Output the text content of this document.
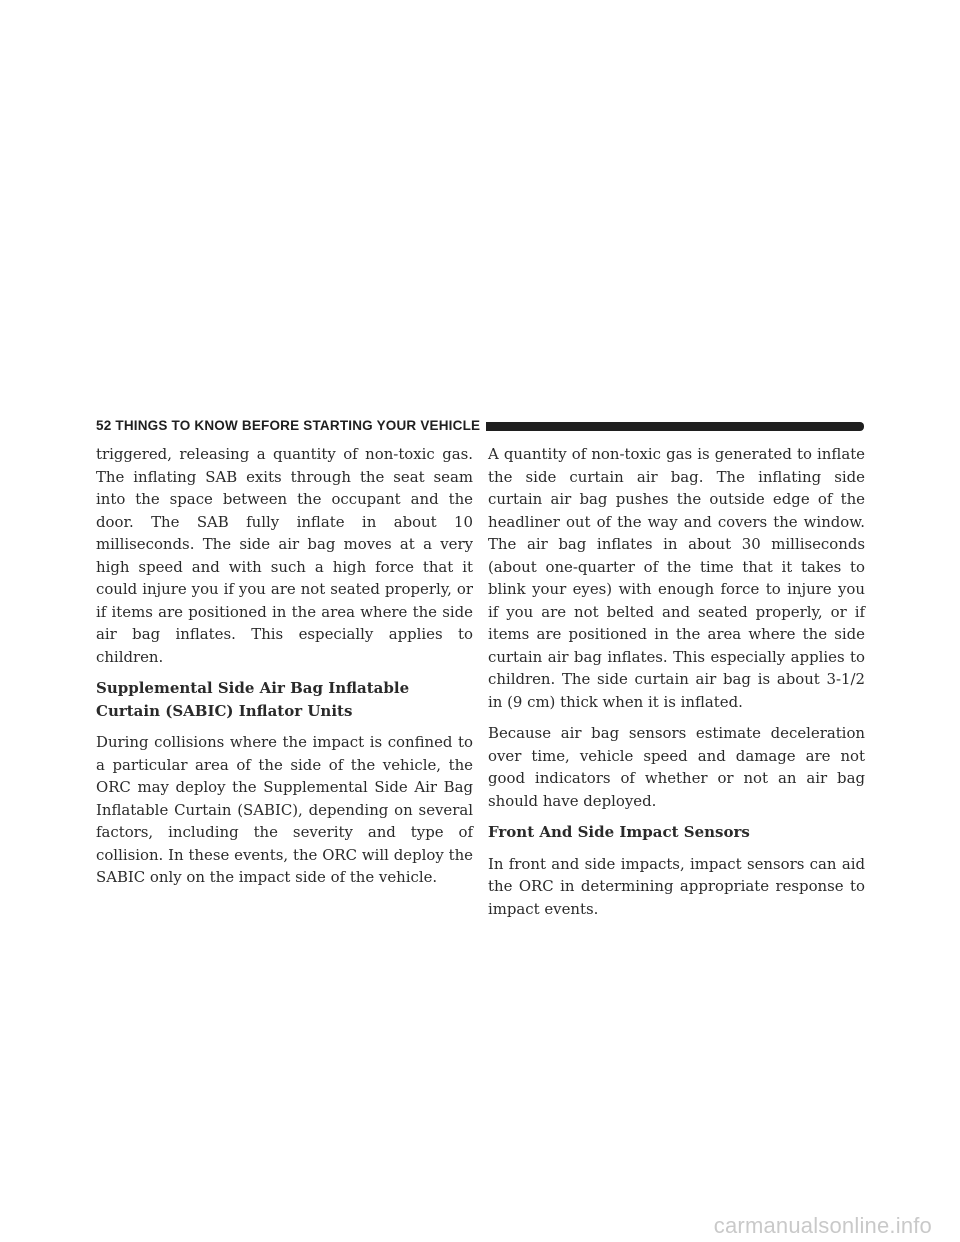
52 THINGS TO KNOW BEFORE STARTING YOUR VEHICLE

triggered, releasing a quantity of non-toxic gas. The inflating SAB exits through the seat seam into the space between the occupant and the door. The SAB fully inflate in about 10 milliseconds. The side air bag moves at a very high speed and with such a high force that it could injure you if you are not seated properly, or if items are positioned in the area where the side air bag inflates. This especially applies to children.

Supplemental Side Air Bag Inflatable Curtain (SABIC) Inflator Units

During collisions where the impact is confined to a particular area of the side of the vehicle, the ORC may deploy the Supplemental Side Air Bag Inflatable Curtain (SABIC), depending on several factors, including the severity and type of collision. In these events, the ORC will deploy the SABIC only on the impact side of the vehicle.

A quantity of non-toxic gas is generated to inflate the side curtain air bag. The inflating side curtain air bag pushes the outside edge of the headliner out of the way and covers the window. The air bag inflates in about 30 milliseconds (about one-quarter of the time that it takes to blink your eyes) with enough force to injure you if you are not belted and seated properly, or if items are positioned in the area where the side curtain air bag inflates. This especially applies to children. The side curtain air bag is about 3-1/2 in (9 cm) thick when it is inflated.

Because air bag sensors estimate deceleration over time, vehicle speed and damage are not good indicators of whether or not an air bag should have deployed.

Front And Side Impact Sensors

In front and side impacts, impact sensors can aid the ORC in determining appropriate response to impact events.

carmanualsonline.info
